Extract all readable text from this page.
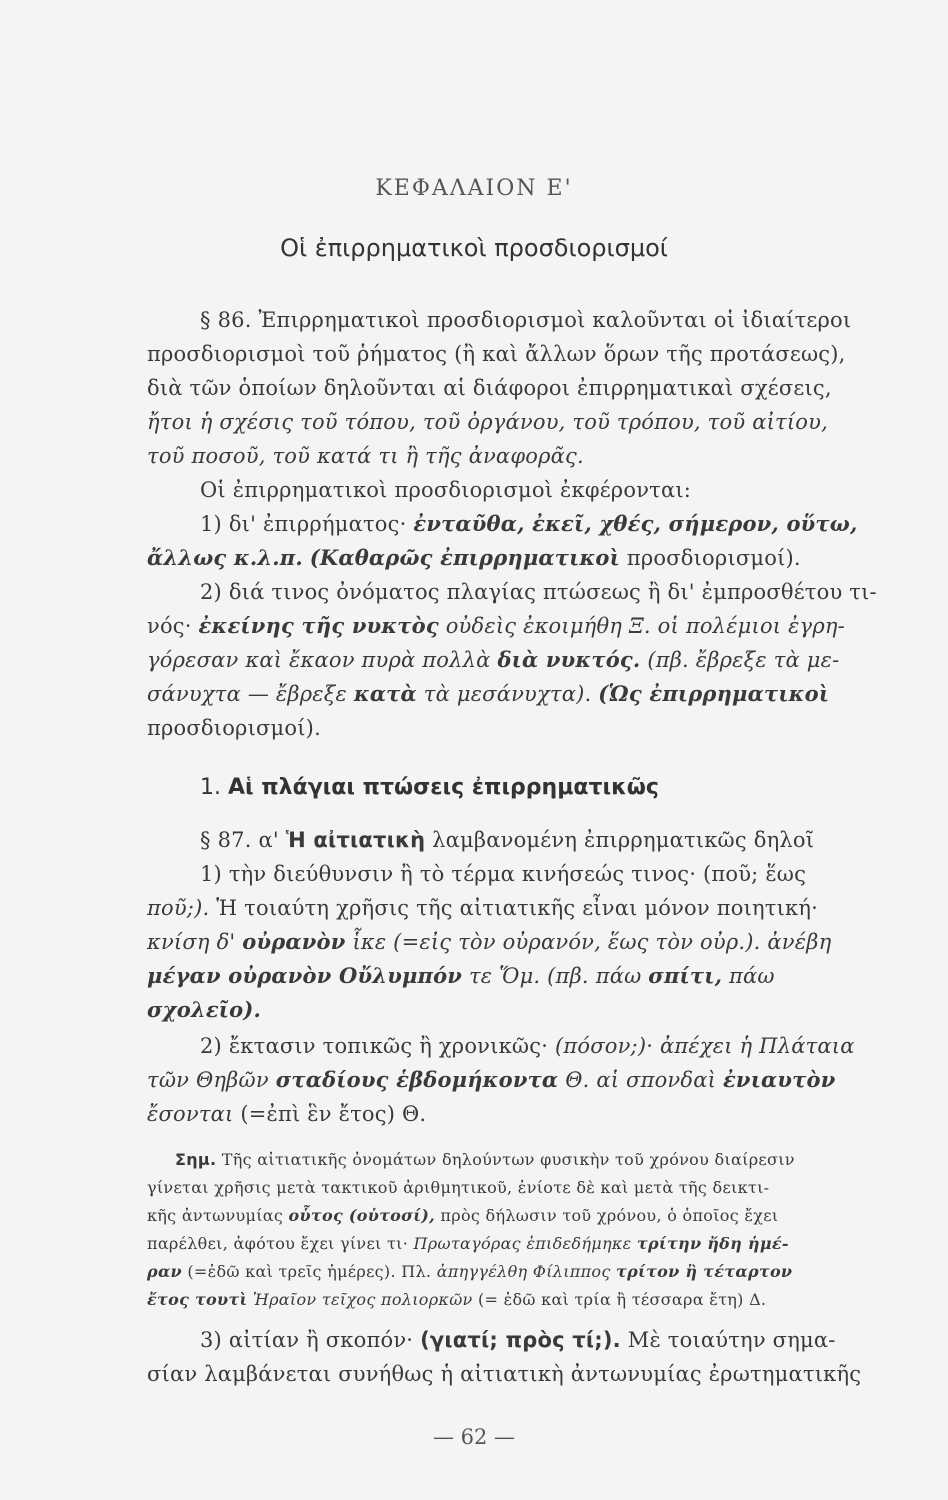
ΚΕΦΑΛΑΙΟΝ Ε'
Οἱ ἐπιρρηματικοὶ προσδιορισμοί
§ 86. Ἐπιρρηματικοὶ προσδιορισμοὶ καλοῦνται οἱ ἰδιαίτεροι
προσδιορισμοὶ τοῦ ῥήματος (ἢ καὶ ἄλλων ὅρων τῆς προτάσεως),
διὰ τῶν ὁποίων δηλοῦνται αἱ διάφοροι ἐπιρρηματικαὶ σχέσεις,
ἤτοι ἡ σχέσις τοῦ τόπου, τοῦ ὀργάνου, τοῦ τρόπου, τοῦ αἰτίου,
τοῦ ποσοῦ, τοῦ κατά τι ἢ τῆς ἀναφορᾶς.
Οἱ ἐπιρρηματικοὶ προσδιορισμοὶ ἐκφέρονται:
1) δι' ἐπιρρήματος· ἐνταῦθα, ἐκεῖ, χθές, σήμερον, οὕτω,
ἄλλως κ.λ.π. (Καθαρῶς ἐπιρρηματικοὶ προσδιορισμοί).
2) διά τινος ὀνόματος πλαγίας πτώσεως ἢ δι' ἐμπροσθέτου τι-
νός· ἐκείνης τῆς νυκτὸς οὐδεὶς ἐκοιμήθη Ξ. οἱ πολέμιοι ἐγρη-
γόρεσαν καὶ ἔκαον πυρὰ πολλὰ διὰ νυκτός. (πβ. ἔβρεξε τὰ με-
σάνυχτα — ἔβρεξε κατὰ τὰ μεσάνυχτα). (Ὡς ἐπιρρηματικοὶ
προσδιορισμοί).
1. Αἱ πλάγιαι πτώσεις ἐπιρρηματικῶς
§ 87. α' Ἡ αἰτιατικὴ λαμβανομένη ἐπιρρηματικῶς δηλοῖ
1) τὴν διεύθυνσιν ἢ τὸ τέρμα κινήσεώς τινος· (ποῦ; ἕως
ποῦ;). Ἡ τοιαύτη χρῆσις τῆς αἰτιατικῆς εἶναι μόνον ποιητική·
κνίση δ' οὐρανὸν ἷκε (=εἰς τὸν οὐρανόν, ἕως τὸν οὐρ.). ἀνέβη
μέγαν οὐρανὸν Οὔλυμπόν τε Ὅμ. (πβ. πάω σπίτι, πάω
σχολεῖο).
2) ἔκτασιν τοπικῶς ἢ χρονικῶς· (πόσον;)· ἀπέχει ἡ Πλάταια
τῶν Θηβῶν σταδίους ἑβδομήκοντα Θ. αἱ σπονδαὶ ἐνιαυτὸν
ἔσονται (=ἐπὶ ἓν ἔτος) Θ.
Σημ. Τῆς αἰτιατικῆς ὀνομάτων δηλούντων φυσικὴν τοῦ χρόνου διαίρεσιν
γίνεται χρῆσις μετὰ τακτικοῦ ἀριθμητικοῦ, ἐνίοτε δὲ καὶ μετὰ τῆς δεικτι-
κῆς ἀντωνυμίας οὗτος (οὑτοσί), πρὸς δήλωσιν τοῦ χρόνου, ὁ ὁποῖος ἔχει
παρέλθει, ἀφότου ἔχει γίνει τι· Πρωταγόρας ἐπιδεδήμηκε τρίτην ἤδη ἡμέ-
ραν (=ἐδῶ καὶ τρεῖς ἡμέρες). Πλ. ἀπηγγέλθη Φίλιππος τρίτον ἢ τέταρτον
ἔτος τουτὶ Ἡραῖον τεῖχος πολιορκῶν (= ἐδῶ καὶ τρία ἢ τέσσαρα ἔτη) Δ.
3) αἰτίαν ἢ σκοπόν· (γιατί; πρὸς τί;). Μὲ τοιαύτην σημα-
σίαν λαμβάνεται συνήθως ἡ αἰτιατικὴ ἀντωνυμίας ἐρωτηματικῆς
— 62 —
